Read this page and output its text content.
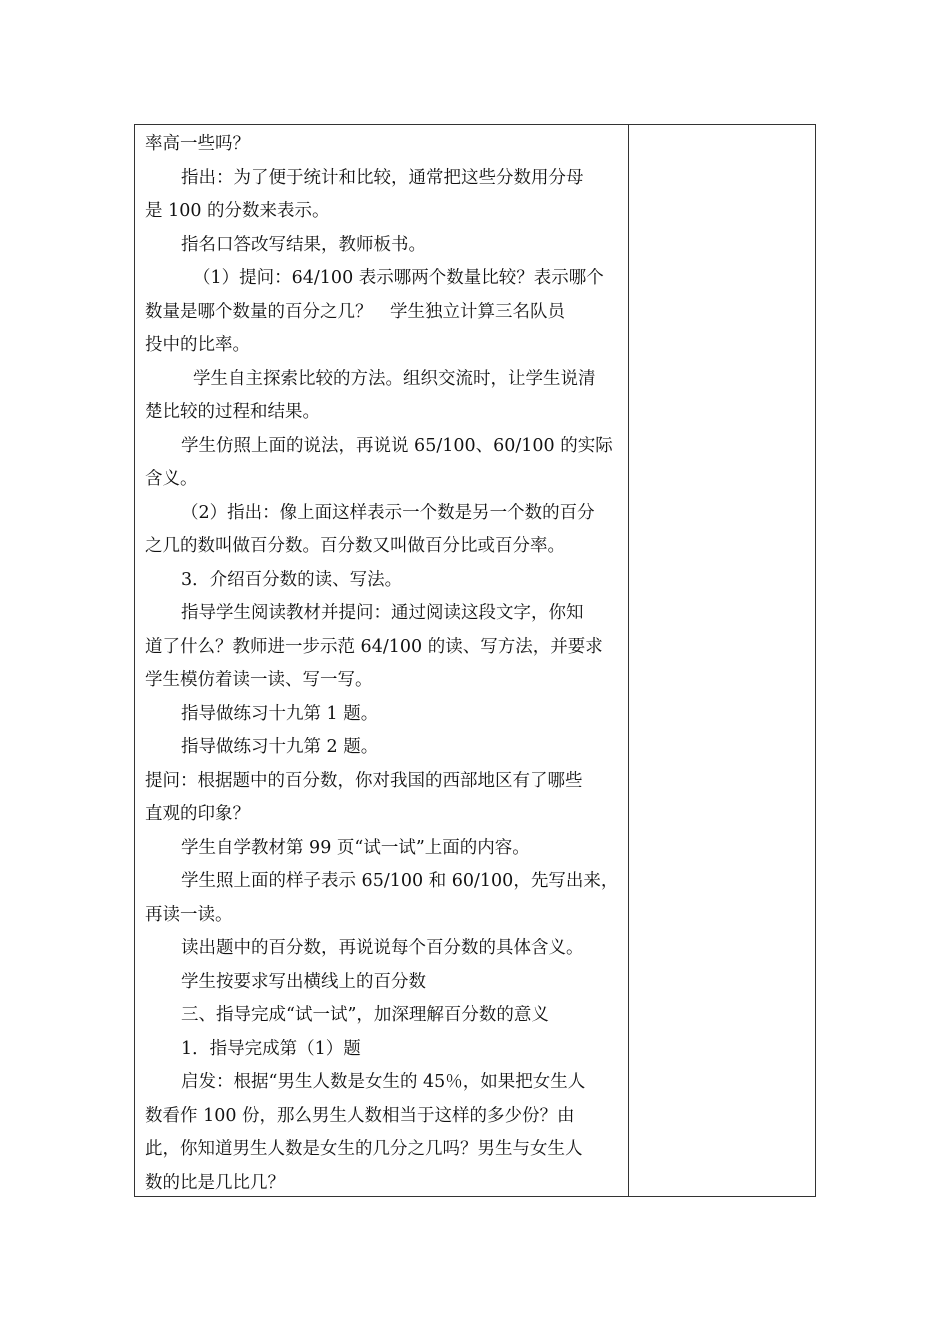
率高一些吗？

指出：为了便于统计和比较，通常把这些分数用分母

是 100 的分数来表示。

指名口答改写结果，教师板书。

（1）提问：64/100 表示哪两个数量比较？表示哪个

数量是哪个数量的百分之几？　学生独立计算三名队员

投中的比率。

学生自主探索比较的方法。组织交流时，让学生说清

楚比较的过程和结果。

学生仿照上面的说法，再说说 65/100、60/100 的实际

含义。

（2）指出：像上面这样表示一个数是另一个数的百分

之几的数叫做百分数。百分数又叫做百分比或百分率。

3．介绍百分数的读、写法。

指导学生阅读教材并提问：通过阅读这段文字，你知

道了什么？教师进一步示范 64/100 的读、写方法，并要求

学生模仿着读一读、写一写。

指导做练习十九第 1 题。

指导做练习十九第 2 题。

提问：根据题中的百分数，你对我国的西部地区有了哪些

直观的印象？

学生自学教材第 99 页“试一试”上面的内容。

学生照上面的样子表示 65/100 和 60/100，先写出来，

再读一读。

读出题中的百分数，再说说每个百分数的具体含义。

学生按要求写出横线上的百分数

三、指导完成“试一试”，加深理解百分数的意义

1．指导完成第（1）题

启发：根据“男生人数是女生的 45％，如果把女生人

数看作 100 份，那么男生人数相当于这样的多少份？由

此，你知道男生人数是女生的几分之几吗？男生与女生人

数的比是几比几？
